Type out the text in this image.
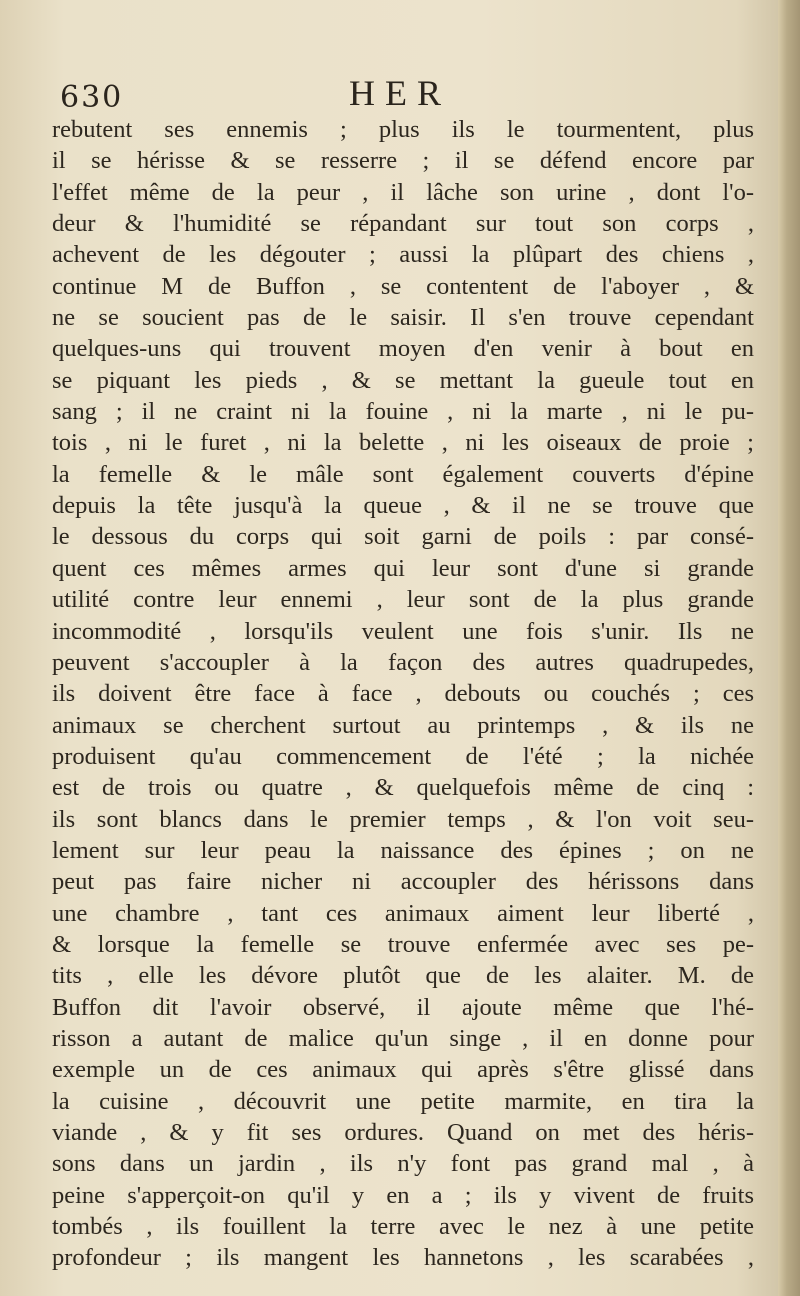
630	HER
rebutent ses ennemis ; plus ils le tourmentent, plus
il se hérisse & se resserre ; il se défend encore par
l'effet même de la peur , il lâche son urine , dont l'o-
deur & l'humidité se répandant sur tout son corps ,
achevent de les dégouter ; aussi la plûpart des chiens ,
continue M de Buffon , se contentent de l'aboyer , &
ne se soucient pas de le saisir. Il s'en trouve cependant
quelques-uns qui trouvent moyen d'en venir à bout en
se piquant les pieds , & se mettant la gueule tout en
sang ; il ne craint ni la fouine , ni la marte , ni le pu-
tois , ni le furet , ni la belette , ni les oiseaux de proie ;
la femelle & le mâle sont également couverts d'épine
depuis la tête jusqu'à la queue , & il ne se trouve que
le dessous du corps qui soit garni de poils : par consé-
quent ces mêmes armes qui leur sont d'une si grande
utilité contre leur ennemi , leur sont de la plus grande
incommodité , lorsqu'ils veulent une fois s'unir. Ils ne
peuvent s'accoupler à la façon des autres quadrupedes,
ils doivent être face à face , debouts ou couchés ; ces
animaux se cherchent surtout au printemps , & ils ne
produisent qu'au commencement de l'été ; la nichée
est de trois ou quatre , & quelquefois même de cinq :
ils sont blancs dans le premier temps , & l'on voit seu-
lement sur leur peau la naissance des épines ; on ne
peut pas faire nicher ni accoupler des hérissons dans
une chambre , tant ces animaux aiment leur liberté ,
& lorsque la femelle se trouve enfermée avec ses pe-
tits , elle les dévore plutôt que de les alaiter. M. de
Buffon dit l'avoir observé, il ajoute même que l'hé-
risson a autant de malice qu'un singe , il en donne pour
exemple un de ces animaux qui après s'être glissé dans
la cuisine , découvrit une petite marmite, en tira la
viande , & y fit ses ordures. Quand on met des héris-
sons dans un jardin , ils n'y font pas grand mal , à
peine s'apperçoit-on qu'il y en a ; ils y vivent de fruits
tombés , ils fouillent la terre avec le nez à une petite
profondeur ; ils mangent les hannetons , les scarabées ,
